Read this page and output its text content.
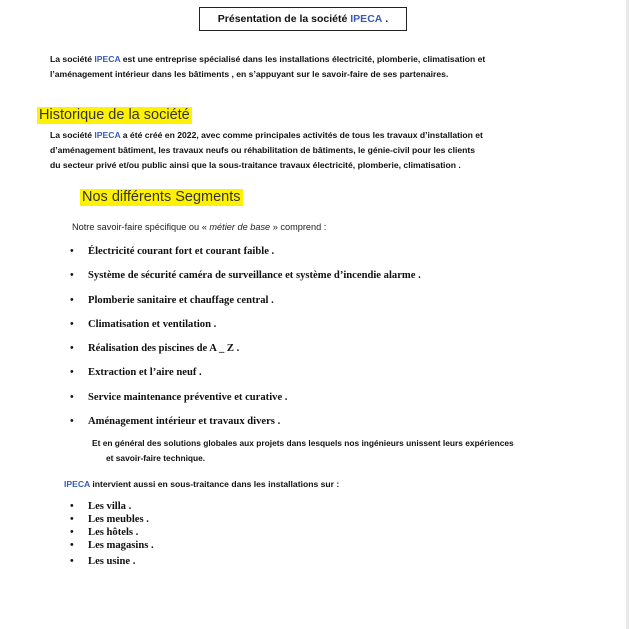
Présentation de la société
IPECA
.

La société IPECA est une entreprise spécialisé dans les installations électricité, plomberie, climatisation et
l’aménagement intérieur dans les bâtiments , en s’appuyant sur le savoir-faire de ses partenaires.

Historique de la société

La société IPECA a été créé en 2022, avec comme principales activités de tous les travaux d’installation et
d’aménagement bâtiment, les travaux neufs ou réhabilitation de bâtiments, le génie-civil pour les clients
du secteur privé et/ou public ainsi que la sous-traitance travaux électricité, plomberie, climatisation .

Nos différents Segments
Notre savoir-faire spécifique ou « métier de base » comprend :
• Électricité courant fort et courant faible .
• Système de sécurité caméra de surveillance et système d’incendie alarme .
• Plomberie sanitaire et chauffage central .
• Climatisation et ventilation .
• Réalisation des piscines de A _ Z .
• Extraction et l’aire neuf .
• Service maintenance préventive et curative .
• Aménagement intérieur et travaux divers .

Et en général des solutions globales aux projets dans lesquels nos ingénieurs unissent leurs expériences
et savoir-faire technique.

IPECA intervient aussi en sous-traitance dans les installations sur :

• Les villa .
• Les meubles .
• Les hôtels .
• Les magasins .
• Les usine .
